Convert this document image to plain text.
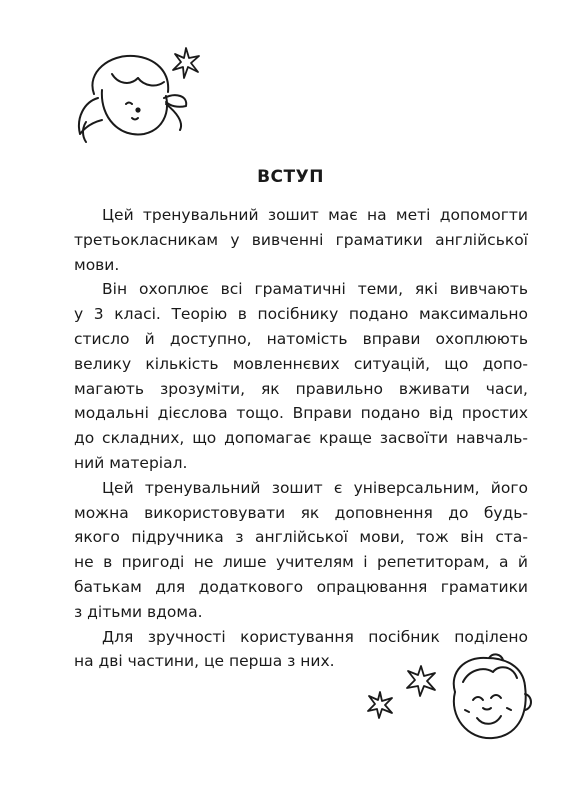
ВСТУП

Цей тренувальний зошит має на меті допомогти
третьокласникам у вивченні граматики англійської
мови.

Він охоплює всі граматичні теми, які вивчають
у 3 класі. Теорію в посібнику подано максимально
стисло й доступно, натомість вправи охоплюють
велику кількість мовленнєвих ситуацій, що допо-
магають зрозуміти, як правильно вживати часи,
модальні дієслова тощо. Вправи подано від простих
до складних, що допомагає краще засвоїти навчаль-
ний матеріал.

Цей тренувальний зошит є універсальним, його
можна використовувати як доповнення до будь-
якого підручника з англійської мови, тож він ста-
не в пригоді не лише учителям і репетиторам, а й
батькам для додаткового опрацювання граматики
з дітьми вдома.

Для зручності користування посібник поділено
на дві частини, це перша з них.
